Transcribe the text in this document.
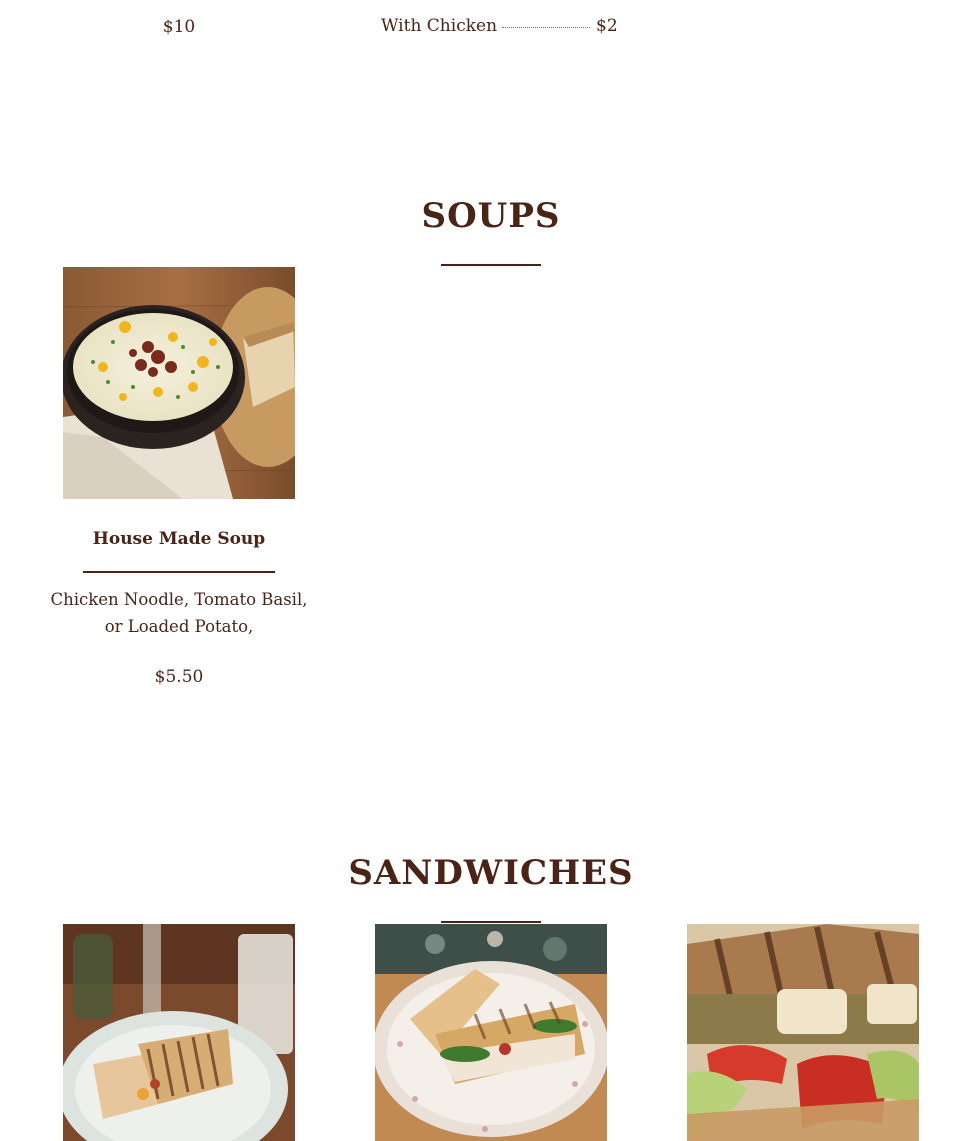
$10	With Chicken	$2
SOUPS
House Made Soup
Chicken Noodle, Tomato Basil, or Loaded Potato,
$5.50
SANDWICHES
